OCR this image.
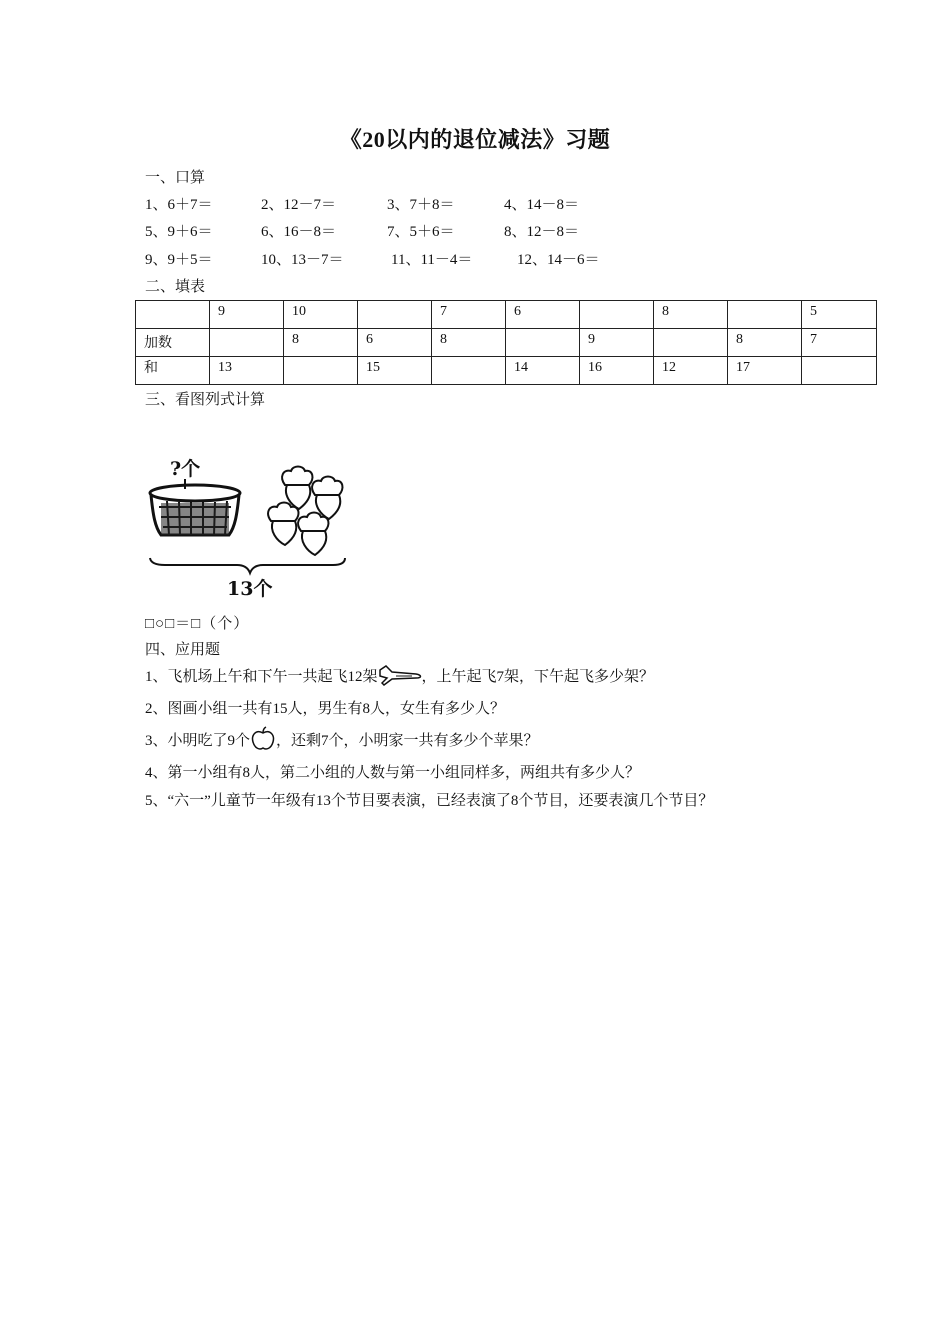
《20以内的退位减法》习题
一、口算
1、6＋7＝	2、12－7＝	3、7＋8＝	4、14－8＝
5、9＋6＝	6、16－8＝	7、5＋6＝	8、12－8＝
9、9＋5＝	10、13－7＝	11、11－4＝	12、14－6＝
二、填表
	9	10		7	6		8		5
加数		8	6	8		9		8	7
和	13		15		14	16	12	17	
三、看图列式计算
?个
13个
□○□＝□（个）
四、应用题
1、飞机场上午和下午一共起飞12架	，上午起飞7架，下午起飞多少架？
2、图画小组一共有15人，男生有8人，女生有多少人？
3、小明吃了9个 ，还剩7个，小明家一共有多少个苹果？
4、第一小组有8人，第二小组的人数与第一小组同样多，两组共有多少人？
5、“六一”儿童节一年级有13个节目要表演，已经表演了8个节目，还要表演几个节目？
